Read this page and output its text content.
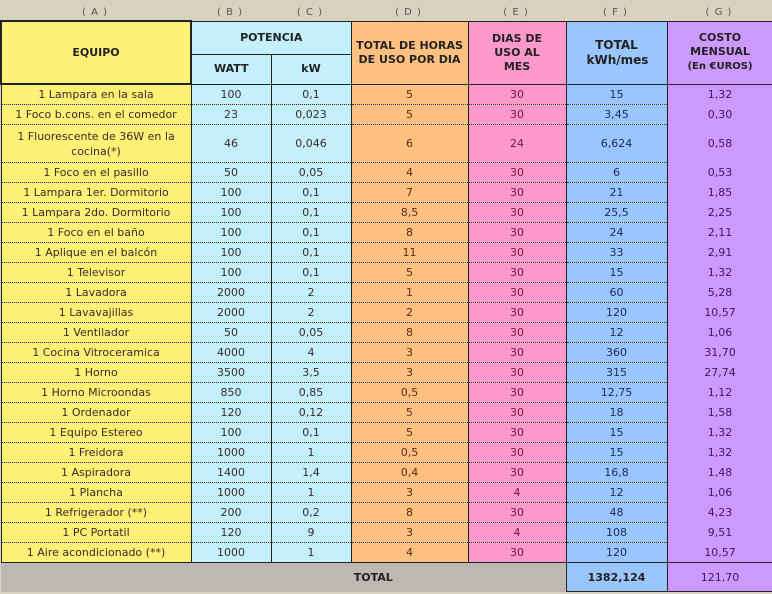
( A )	( B )	( C )	( D )	( E )	( F )	( G )
EQUIPO	POTENCIA		TOTAL DE HORAS DE USO POR DIA	DIAS DE USO AL MES	TOTAL kWh/mes	COSTO MENSUAL
(En €UROS)
	WATT	kW				
1 Lampara en la sala	100	0,1	5	30	15	1,32
1 Foco b.cons. en el comedor	23	0,023	5	30	3,45	0,30
1 Fluorescente de 36W en la cocina(*)	46	0,046	6	24	6,624	0,58
1 Foco en el pasillo	50	0,05	4	30	6	0,53
1 Lampara 1er. Dormitorio	100	0,1	7	30	21	1,85
1 Lampara 2do. Dormitorio	100	0,1	8,5	30	25,5	2,25
1 Foco en el baño	100	0,1	8	30	24	2,11
1 Aplique en el balcón	100	0,1	11	30	33	2,91
1 Televisor	100	0,1	5	30	15	1,32
1 Lavadora	2000	2	1	30	60	5,28
1 Lavavajillas	2000	2	2	30	120	10,57
1 Ventilador	50	0,05	8	30	12	1,06
1 Cocina Vitroceramica	4000	4	3	30	360	31,70
1 Horno	3500	3,5	3	30	315	27,74
1 Horno Microondas	850	0,85	0,5	30	12,75	1,12
1 Ordenador	120	0,12	5	30	18	1,58
1 Equipo Estereo	100	0,1	5	30	15	1,32
1 Freidora	1000	1	0,5	30	15	1,32
1 Aspiradora	1400	1,4	0,4	30	16,8	1,48
1 Plancha	1000	1	3	4	12	1,06
1 Refrigerador (**)	200	0,2	8	30	48	4,23
1 PC Portatil	120	9	3	4	108	9,51
1 Aire acondicionado (**)	1000	1	4	30	120	10,57
TOTAL					1382,124	121,70
